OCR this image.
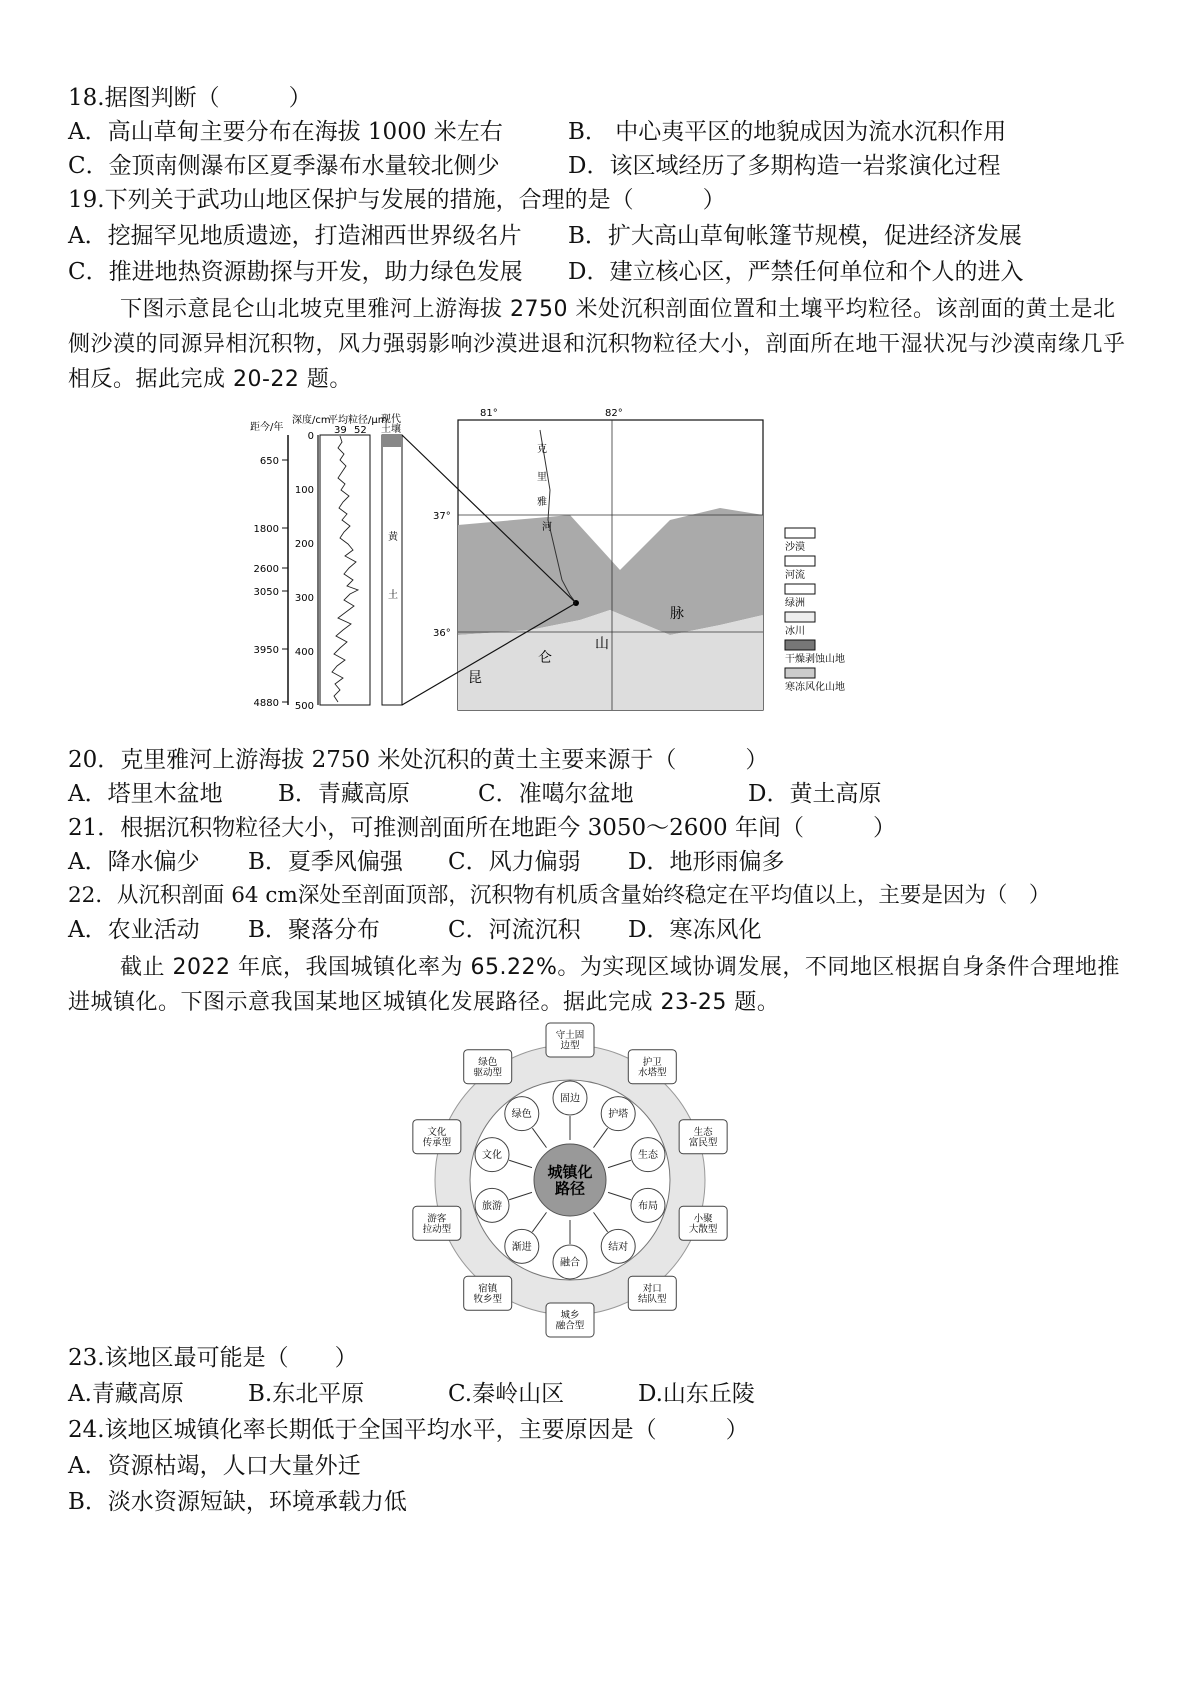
18.据图判断（　　　）
A．高山草甸主要分布在海拔 1000 米左右	B． 中心夷平区的地貌成因为流水沉积作用
C．金顶南侧瀑布区夏季瀑布水量较北侧少	D．该区域经历了多期构造一岩浆演化过程
19.下列关于武功山地区保护与发展的措施，合理的是（　　　）
A．挖掘罕见地质遗迹，打造湘西世界级名片 B．扩大高山草甸帐篷节规模，促进经济发展
C．推进地热资源勘探与开发，助力绿色发展 D．建立核心区，严禁任何单位和个人的进入
下图示意昆仑山北坡克里雅河上游海拔 2750 米处沉积剖面位置和土壤平均粒径。该剖面的黄土是北侧沙漠的同源异相沉积物，风力强弱影响沙漠进退和沉积物粒径大小，剖面所在地干湿状况与沙漠南缘几乎相反。据此完成 20-22 题。
距今/年
650
1800
2600
3050
3950
4880
深度/cm
0
100
200
300
400
500
平均粒径/μm
39 52
现代
土壤
黄
土
81°	82°
37°
36°
克
里
雅
河
昆
仑
山
脉
沙漠
河流
绿洲
冰川
干燥剥蚀山地
寒冻风化山地
20．克里雅河上游海拔 2750 米处沉积的黄土主要来源于（　　　）
A．塔里木盆地 B．青藏高原	C．准噶尔盆地	D．黄土高原
21．根据沉积物粒径大小，可推测剖面所在地距今 3050～2600 年间（　　　）
A．降水偏少 B．夏季风偏强 C．风力偏弱 D．地形雨偏多
22．从沉积剖面 64 cm深处至剖面顶部，沉积物有机质含量始终稳定在平均值以上，主要是因为（　）
A．农业活动 B．聚落分布	C．河流沉积 D．寒冻风化
截止 2022 年底，我国城镇化率为 65.22%。为实现区域协调发展，不同地区根据自身条件合理地推进城镇化。下图示意我国某地区城镇化发展路径。据此完成 23-25 题。
固边
守土固边型
护塔
护卫水塔型
生态
生态富民型
布局
小聚大散型
结对
对口结队型
融合
城乡融合型
渐进
宿镇牧乡型
旅游
游客拉动型
文化
文化传承型
绿色
绿色驱动型
城镇化路径
23.该地区最可能是（　　）
A.青藏高原	B.东北平原	C.秦岭山区	D.山东丘陵
24.该地区城镇化率长期低于全国平均水平，主要原因是（　　　）
A．资源枯竭，人口大量外迁
B．淡水资源短缺，环境承载力低
